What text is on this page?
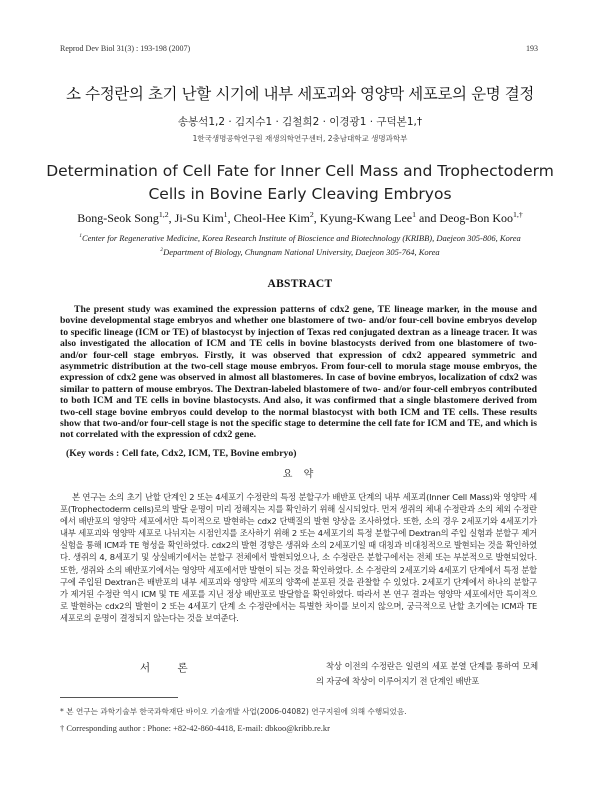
Reprod Dev Biol 31(3) : 193-198 (2007)	193
소 수정란의 초기 난할 시기에 내부 세포괴와 영양막 세포로의 운명 결정
송봉석1,2 · 김지수1 · 김철희2 · 이경광1 · 구덕본1,†
1한국생명공학연구원 재생의학연구센터, 2충남대학교 생명과학부
Determination of Cell Fate for Inner Cell Mass and Trophectoderm
Cells in Bovine Early Cleaving Embryos
Bong-Seok Song$^{1,2}$, Ji-Su Kim$^1$, Cheol-Hee Kim$^2$, Kyung-Kwang Lee$^1$ and Deog-Bon Koo$^{1,\dagger}$
$^1$Center for Regenerative Medicine, Korea Research Institute of Bioscience and Biotechnology (KRIBB), Daejeon 305-806, Korea
$^2$Department of Biology, Chungnam National University, Daejeon 305-764, Korea
ABSTRACT

The present study was examined the expression patterns of cdx2 gene, TE lineage marker, in the mouse and bovine developmental stage embryos and whether one blastomere of two- and/or four-cell bovine embryos develop to specific lineage (ICM or TE) of blastocyst by injection of Texas red conjugated dextran as a lineage tracer. It was also investigated the allocation of ICM and TE cells in bovine blastocysts derived from one blastomere of two- and/or four-cell stage embryos. Firstly, it was observed that expression of cdx2 appeared symmetric and asymmetric distribution at the two-cell stage mouse embryos. From four-cell to morula stage mouse embryos, the expression of cdx2 gene was observed in almost all blastomeres. In case of bovine embryos, localization of cdx2 was similar to pattern of mouse embryos. The Dextran-labeled blastomere of two- and/or four-cell embryos contributed to both ICM and TE cells in bovine blastocysts. And also, it was confirmed that a single blastomere derived from two-cell stage bovine embryos could develop to the normal blastocyst with both ICM and TE cells. These results show that two-and/or four-cell stage is not the specific stage to determine the cell fate for ICM and TE, and which is not correlated with the expression of cdx2 gene.

(Key words : Cell fate, Cdx2, ICM, TE, Bovine embryo)
요 약

본 연구는 소의 초기 난할 단계인 2 또는 4세포기 수정란의 특정 분할구가 배반포 단계의 내부 세포괴(Inner Cell Mass)와 영양막 세포(Trophectoderm cells)로의 발달 운명이 미리 정해지는 지를 확인하기 위해 실시되었다. 먼저 생쥐의 체내 수정란과 소의 체외 수정란에서 배반포의 영양막 세포에서만 특이적으로 발현하는 cdx2 단백질의 발현 양상을 조사하였다. 또한, 소의 경우 2세포기와 4세포기가 내부 세포괴와 영양막 세포로 나뉘지는 시점인지를 조사하기 위해 2 또는 4세포기의 특정 분할구에 Dextran의 주입 실험과 분할구 제거 실험을 통해 ICM과 TE 형성을 확인하였다. cdx2의 발현 경향은 생쥐와 소의 2세포기일 때 대칭과 비대칭적으로 발현되는 것을 확인하였다. 생쥐의 4, 8세포기 및 상실배기에서는 분할구 전체에서 발현되었으나, 소 수정란은 분할구에서는 전체 또는 부분적으로 발현되었다. 또한, 생쥐와 소의 배반포기에서는 영양막 세포에서만 발현이 되는 것을 확인하였다. 소 수정란의 2세포기와 4세포기 단계에서 특정 분할구에 주입된 Dextran은 배반포의 내부 세포괴와 영양막 세포의 양쪽에 분포된 것을 관찰할 수 있었다. 2세포기 단계에서 하나의 분할구가 제거된 수정란 역시 ICM 및 TE 세포를 지닌 정상 배반포로 발달함을 확인하였다. 따라서 본 연구 결과는 영양막 세포에서만 특이적으로 발현하는 cdx2의 발현이 2 또는 4세포기 단계 소 수정란에서는 특별한 차이를 보이지 않으며, 궁극적으로 난할 초기에는 ICM과 TE 세포로의 운명이 결정되지 않는다는 것을 보여준다.

서 론	착상 이전의 수정란은 일련의 세포 분열 단계를 통하여 모체의 자궁에 착상이 이루어지기 전 단계인 배반포

* 본 연구는 과학기술부 한국과학재단 바이오 기술개발 사업(2006-04082) 연구지원에 의해 수행되었음.
† Corresponding author : Phone: +82-42-860-4418, E-mail: dbkoo@kribb.re.kr
